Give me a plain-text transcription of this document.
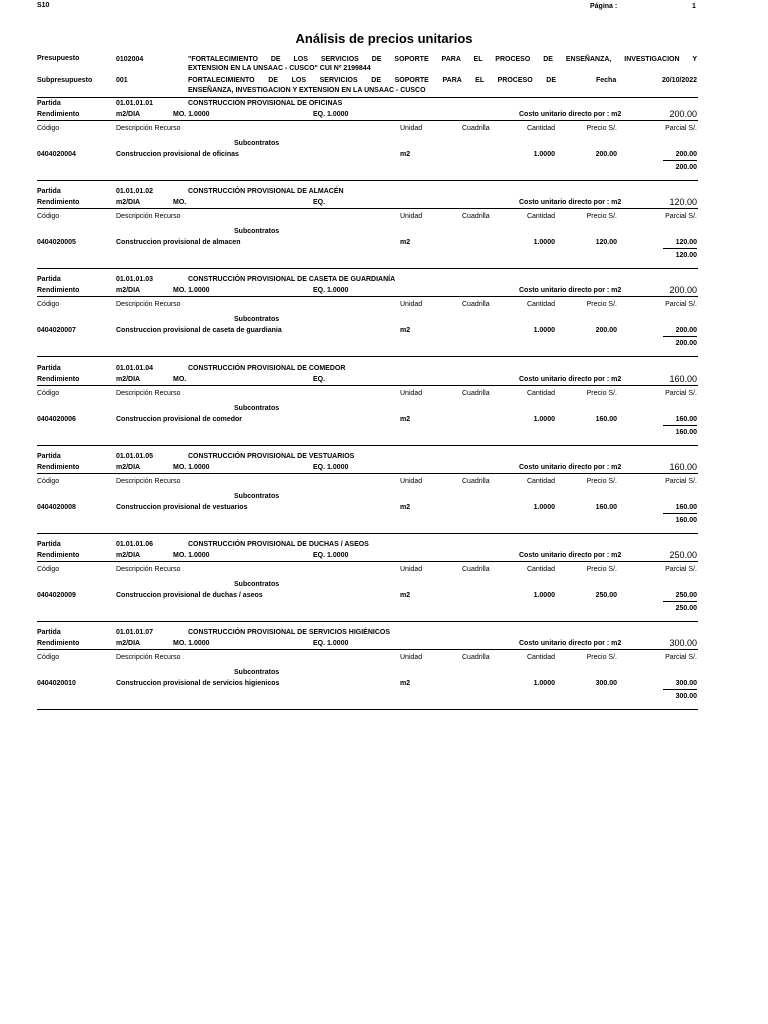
S10	Página :	1
Análisis de precios unitarios
Presupuesto	0102004	"FORTALECIMIENTO DE LOS SERVICIOS DE SOPORTE PARA EL PROCESO DE ENSEÑANZA, INVESTIGACION Y
EXTENSION EN LA UNSAAC - CUSCO" CUI Nº 2199844
Subpresupuesto	001	FORTALECIMIENTO DE LOS SERVICIOS DE SOPORTE PARA EL PROCESO DE
ENSEÑANZA, INVESTIGACION Y EXTENSION EN LA UNSAAC - CUSCO
Fecha	20/10/2022
Partida	01.01.01.01	CONSTRUCCION PROVISIONAL DE OFICINAS
Rendimiento	m2/DIA	MO. 1.0000	EQ. 1.0000	Costo unitario directo por : m2	200.00
Código	Descripción Recurso	Unidad	Cuadrilla	Cantidad	Precio S/.	Parcial S/.
Subcontratos
0404020004	Construccion provisional de oficinas	m2	1.0000	200.00	200.00
200.00
Partida	01.01.01.02	CONSTRUCCIÓN PROVISIONAL DE ALMACÉN
Rendimiento	m2/DIA	MO.	EQ.	Costo unitario directo por : m2	120.00
Código	Descripción Recurso	Unidad	Cuadrilla	Cantidad	Precio S/.	Parcial S/.
Subcontratos
0404020005	Construccion provisional de almacen	m2	1.0000	120.00	120.00
120.00
Partida	01.01.01.03	CONSTRUCCIÓN PROVISIONAL DE CASETA DE GUARDIANÍA
Rendimiento	m2/DIA	MO. 1.0000	EQ. 1.0000	Costo unitario directo por : m2	200.00
Código	Descripción Recurso	Unidad	Cuadrilla	Cantidad	Precio S/.	Parcial S/.
Subcontratos
0404020007	Construccion provisional de caseta de guardiania	m2	1.0000	200.00	200.00
200.00
Partida	01.01.01.04	CONSTRUCCIÓN PROVISIONAL DE COMEDOR
Rendimiento	m2/DIA	MO.	EQ.	Costo unitario directo por : m2	160.00
Código	Descripción Recurso	Unidad	Cuadrilla	Cantidad	Precio S/.	Parcial S/.
Subcontratos
0404020006	Construccion provisional de comedor	m2	1.0000	160.00	160.00
160.00
Partida	01.01.01.05	CONSTRUCCIÓN PROVISIONAL DE VESTUARIOS
Rendimiento	m2/DIA	MO. 1.0000	EQ. 1.0000	Costo unitario directo por : m2	160.00
Código	Descripción Recurso	Unidad	Cuadrilla	Cantidad	Precio S/.	Parcial S/.
Subcontratos
0404020008	Construccion provisional de vestuarios	m2	1.0000	160.00	160.00
160.00
Partida	01.01.01.06	CONSTRUCCIÓN PROVISIONAL DE DUCHAS / ASEOS
Rendimiento	m2/DIA	MO. 1.0000	EQ. 1.0000	Costo unitario directo por : m2	250.00
Código	Descripción Recurso	Unidad	Cuadrilla	Cantidad	Precio S/.	Parcial S/.
Subcontratos
0404020009	Construccion provisional de duchas / aseos	m2	1.0000	250.00	250.00
250.00
Partida	01.01.01.07	CONSTRUCCIÓN PROVISIONAL DE SERVICIOS HIGIÉNICOS
Rendimiento	m2/DIA	MO. 1.0000	EQ. 1.0000	Costo unitario directo por : m2	300.00
Código	Descripción Recurso	Unidad	Cuadrilla	Cantidad	Precio S/.	Parcial S/.
Subcontratos
0404020010	Construccion provisional de servicios higienicos	m2	1.0000	300.00	300.00
300.00
